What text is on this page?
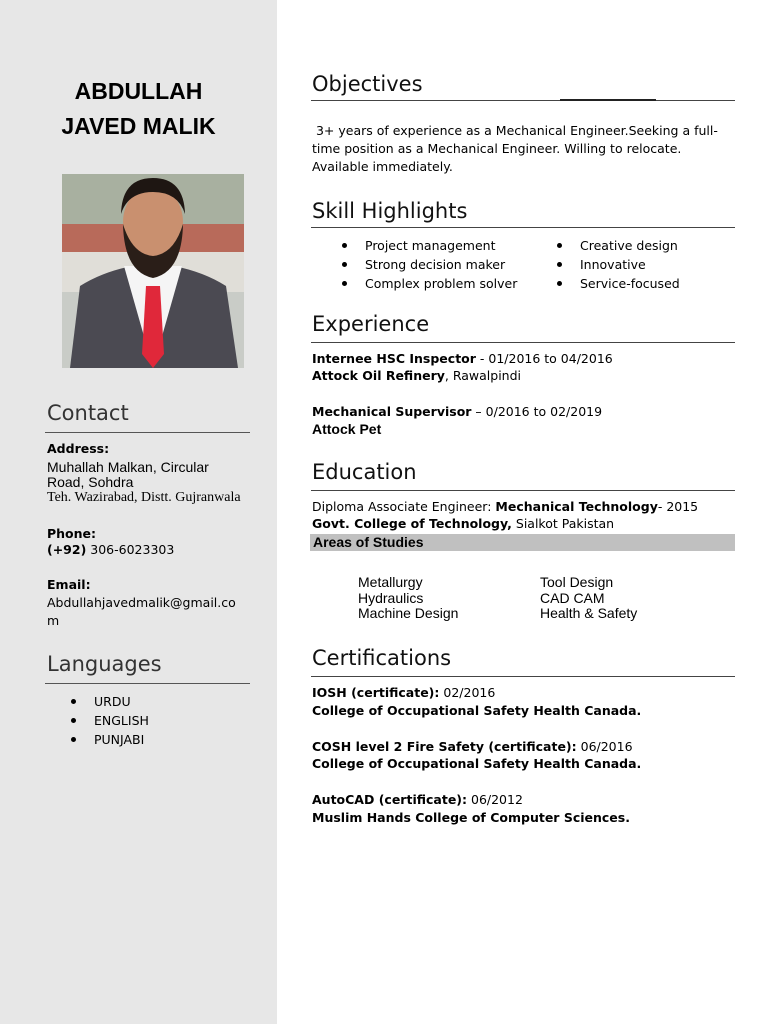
ABDULLAH
JAVED MALIK
Contact
Address:
Muhallah Malkan, Circular
Road, Sohdra
Teh. Wazirabad, Distt. Gujranwala
Phone:
(+92) 306-6023303
Email:
Abdullahjavedmalik@gmail.co
m
Languages
URDU
ENGLISH
PUNJABI
Objectives
3+ years of experience as a Mechanical Engineer.Seeking a full-
time position as a Mechanical Engineer. Willing to relocate.
Available immediately.
Skill Highlights
Project management
Strong decision maker
Complex problem solver
Creative design
Innovative
Service-focused
Experience
Internee HSC Inspector - 01/2016 to 04/2016
Attock Oil Refinery, Rawalpindi
Mechanical Supervisor – 0/2016 to 02/2019
Attock Pet
Education
Diploma Associate Engineer: Mechanical Technology- 2015
Govt. College of Technology, Sialkot Pakistan
Areas of Studies
Metallurgy
Hydraulics
Machine Design
Tool Design
CAD CAM
Health & Safety
Certifications
IOSH (certificate): 02/2016
College of Occupational Safety Health Canada.
COSH level 2 Fire Safety (certificate): 06/2016
College of Occupational Safety Health Canada.
AutoCAD (certificate): 06/2012
Muslim Hands College of Computer Sciences.
